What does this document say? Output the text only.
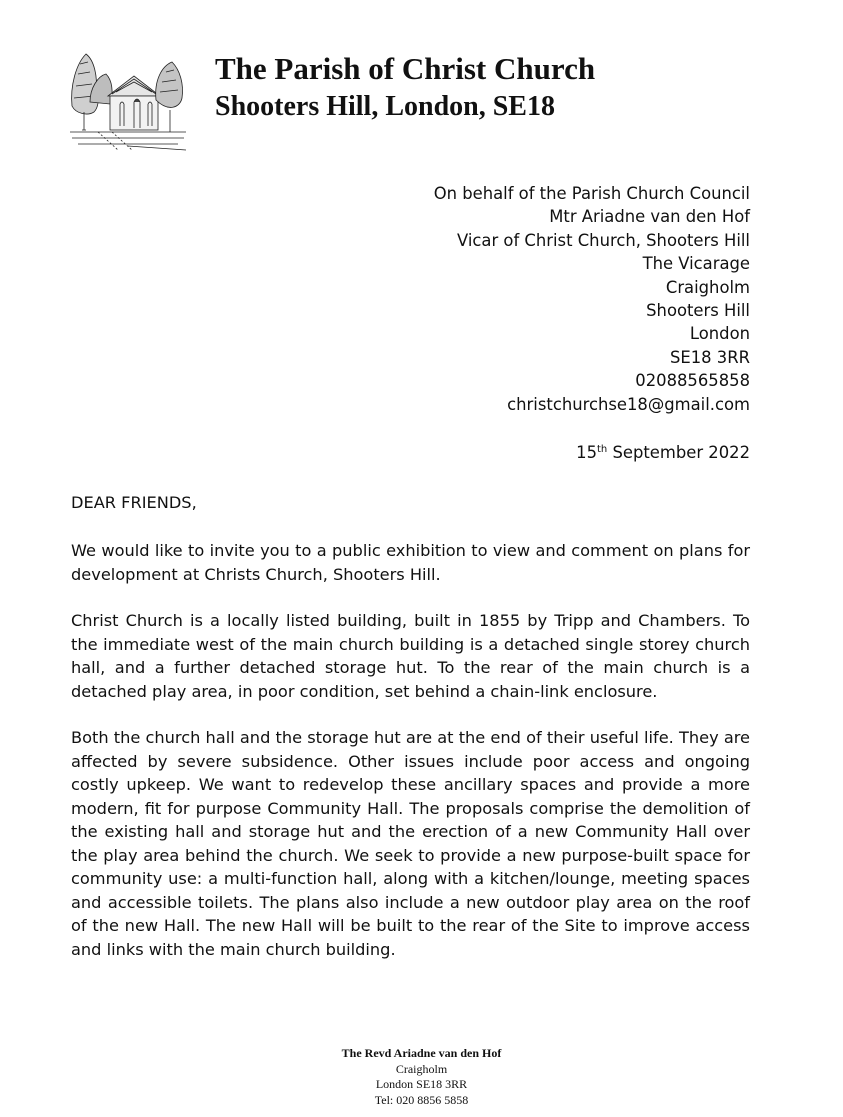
The Parish of Christ Church
Shooters Hill, London, SE18
On behalf of the Parish Church Council
Mtr Ariadne van den Hof
Vicar of Christ Church, Shooters Hill
The Vicarage
Craigholm
Shooters Hill
London
SE18 3RR
02088565858
christchurchse18@gmail.com
15th September 2022
DEAR FRIENDS,

We would like to invite you to a public exhibition to view and comment on plans for development at Christs Church, Shooters Hill.

Christ Church is a locally listed building, built in 1855 by Tripp and Chambers. To the immediate west of the main church building is a detached single storey church hall, and a further detached storage hut. To the rear of the main church is a detached play area, in poor condition, set behind a chain-link enclosure.

Both the church hall and the storage hut are at the end of their useful life. They are affected by severe subsidence. Other issues include poor access and ongoing costly upkeep. We want to redevelop these ancillary spaces and provide a more modern, fit for purpose Community Hall. The proposals comprise the demolition of the existing hall and storage hut and the erection of a new Community Hall over the play area behind the church. We seek to provide a new purpose-built space for community use: a multi-function hall, along with a kitchen/lounge, meeting spaces and accessible toilets. The plans also include a new outdoor play area on the roof of the new Hall. The new Hall will be built to the rear of the Site to improve access and links with the main church building.

The Revd Ariadne van den Hof
Craigholm
London SE18 3RR
Tel: 020 8856 5858
